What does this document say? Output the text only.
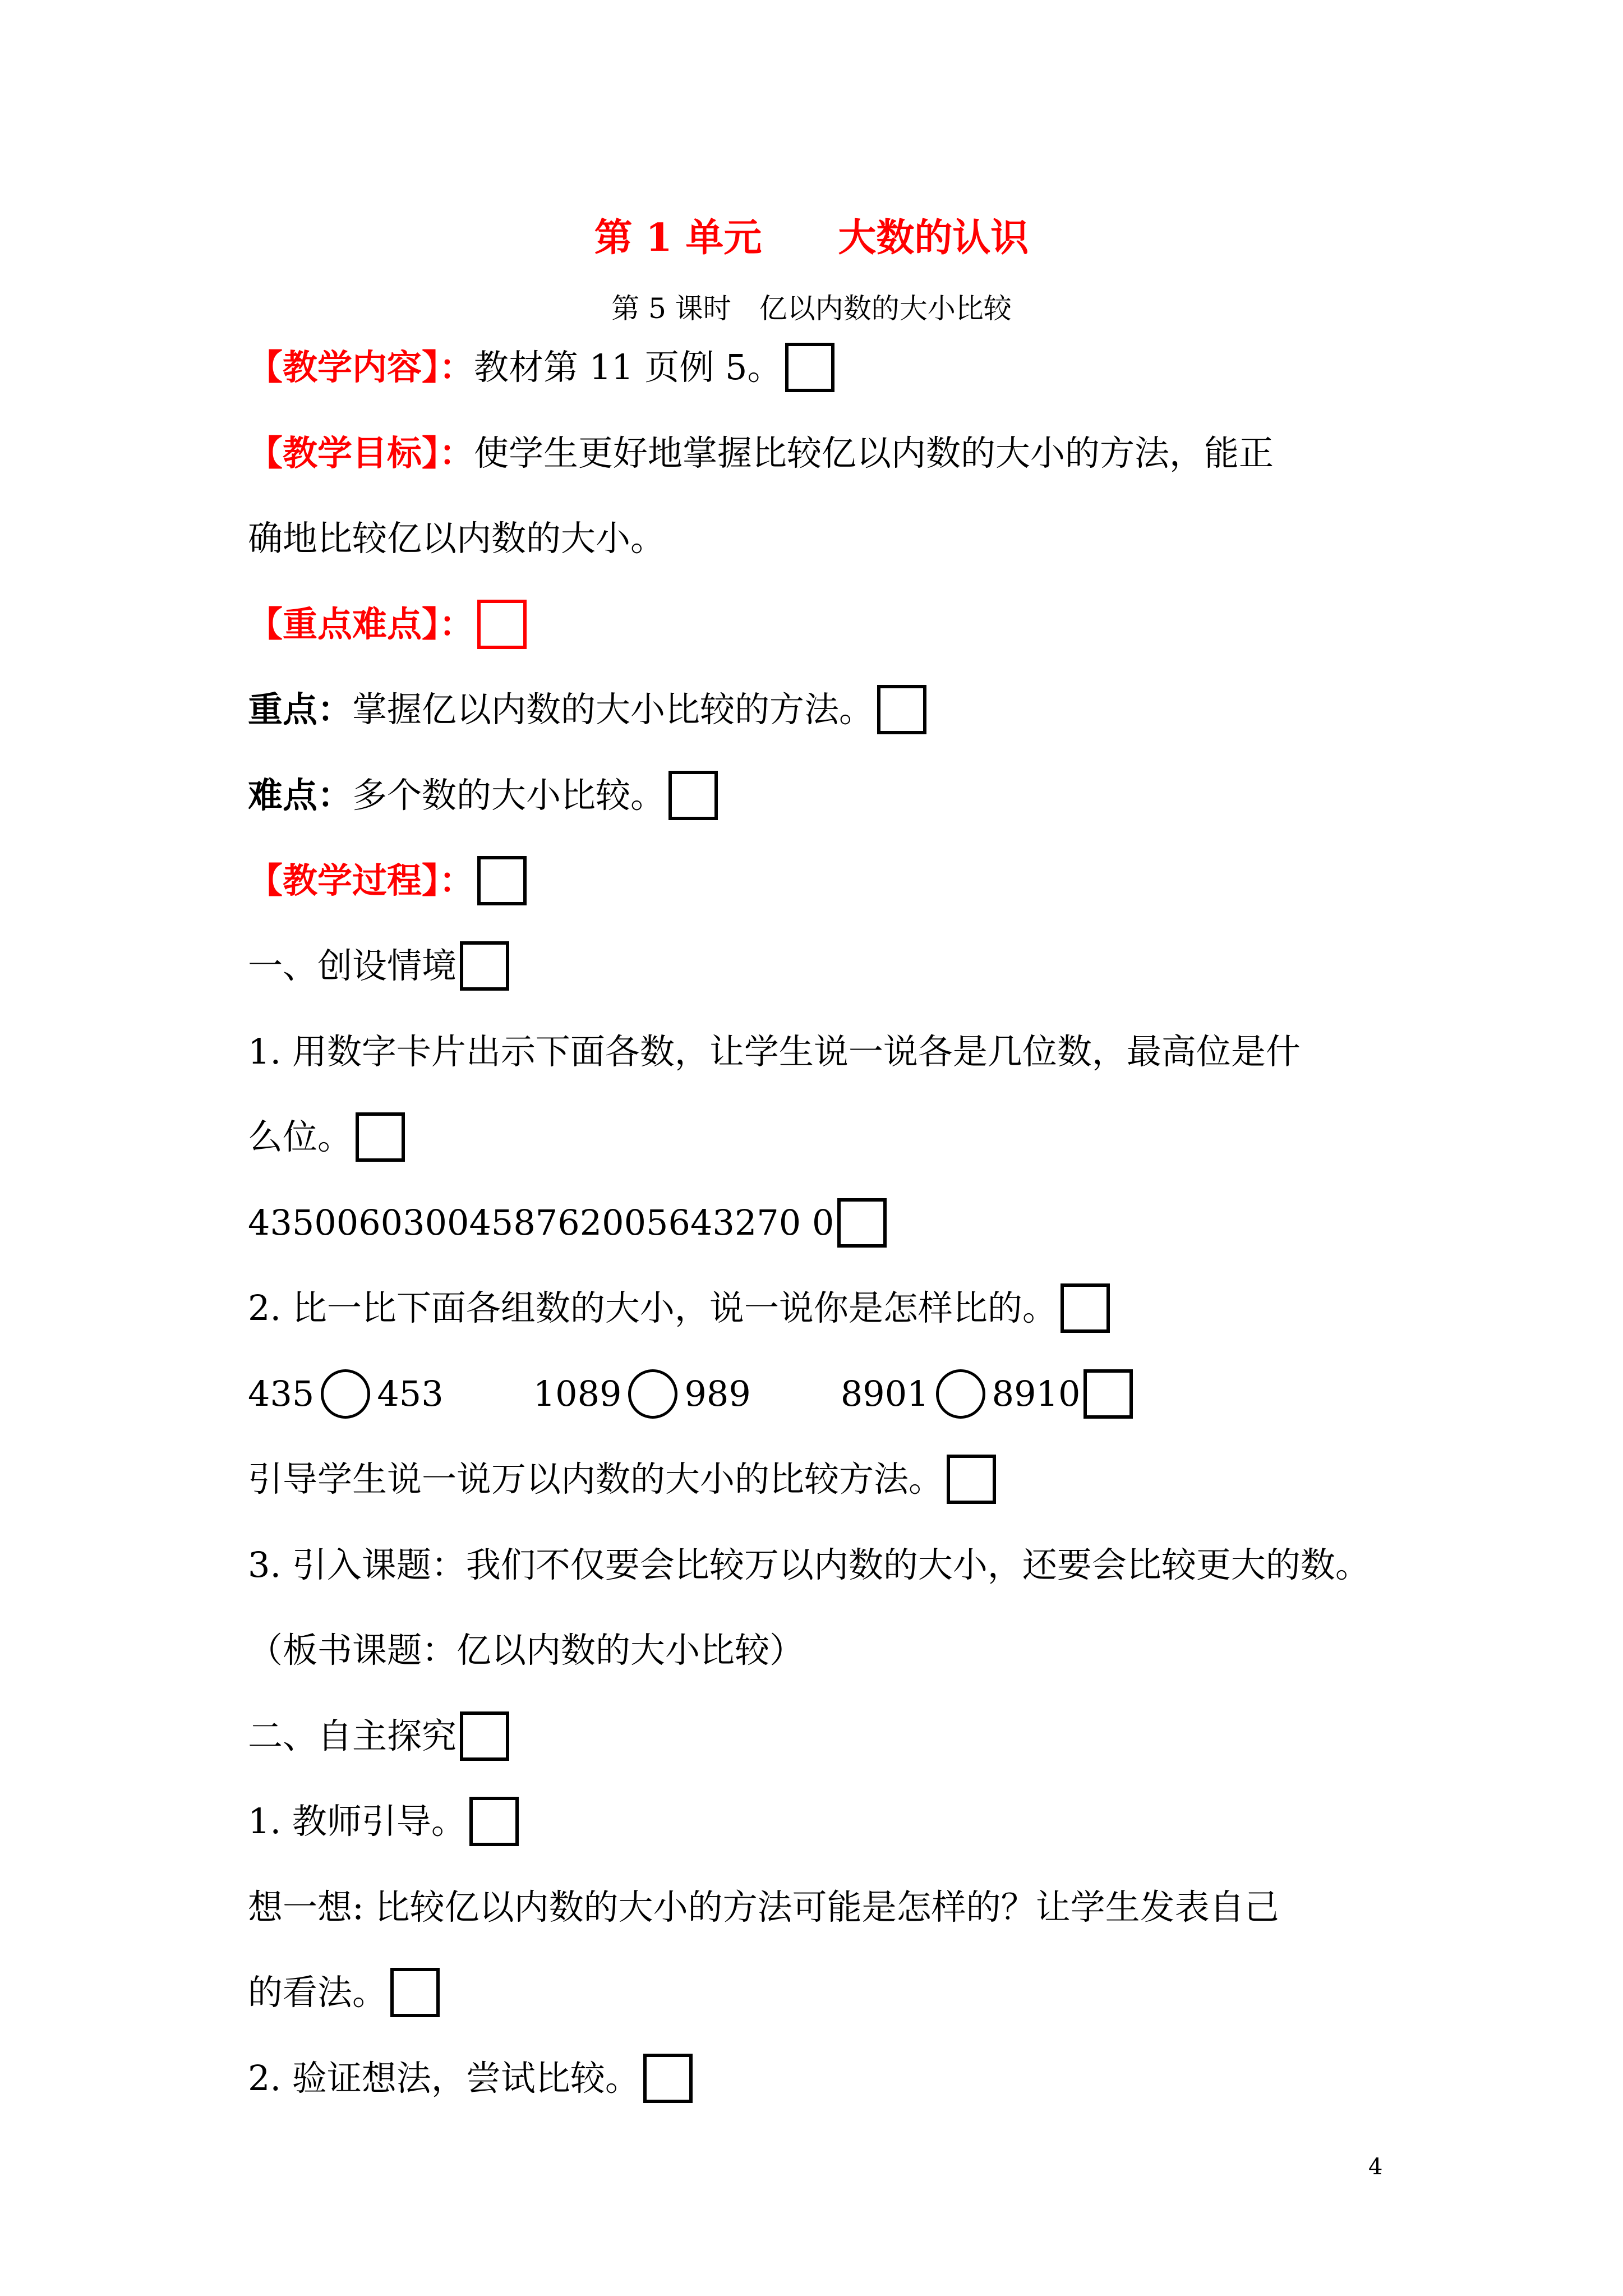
第 1 单元　　大数的认识
第 5 课时　亿以内数的大小比较
【教学内容】： 教材第 11 页例 5。
【教学目标】： 使学生更好地掌握比较亿以内数的大小的方法，能正
确地比较亿以内数的大小。
【重点难点】：
重点： 掌握亿以内数的大小比较的方法。
难点： 多个数的大小比较。
【教学过程】：
一、创设情境
1. 用数字卡片出示下面各数，让学生说一说各是几位数，最高位是什
么位。
4350060300458762005643270 0
2. 比一比下面各组数的大小，说一说你是怎样比的。
435 453	1089 989	8901 8910
引导学生说一说万以内数的大小的比较方法。
3. 引入课题：我们不仅要会比较万以内数的大小，还要会比较更大的数。
（板书课题：亿以内数的大小比较）
二、自主探究
1. 教师引导。
想一想: 比较亿以内数的大小的方法可能是怎样的？让学生发表自己
的看法。
2. 验证想法，尝试比较。
4
